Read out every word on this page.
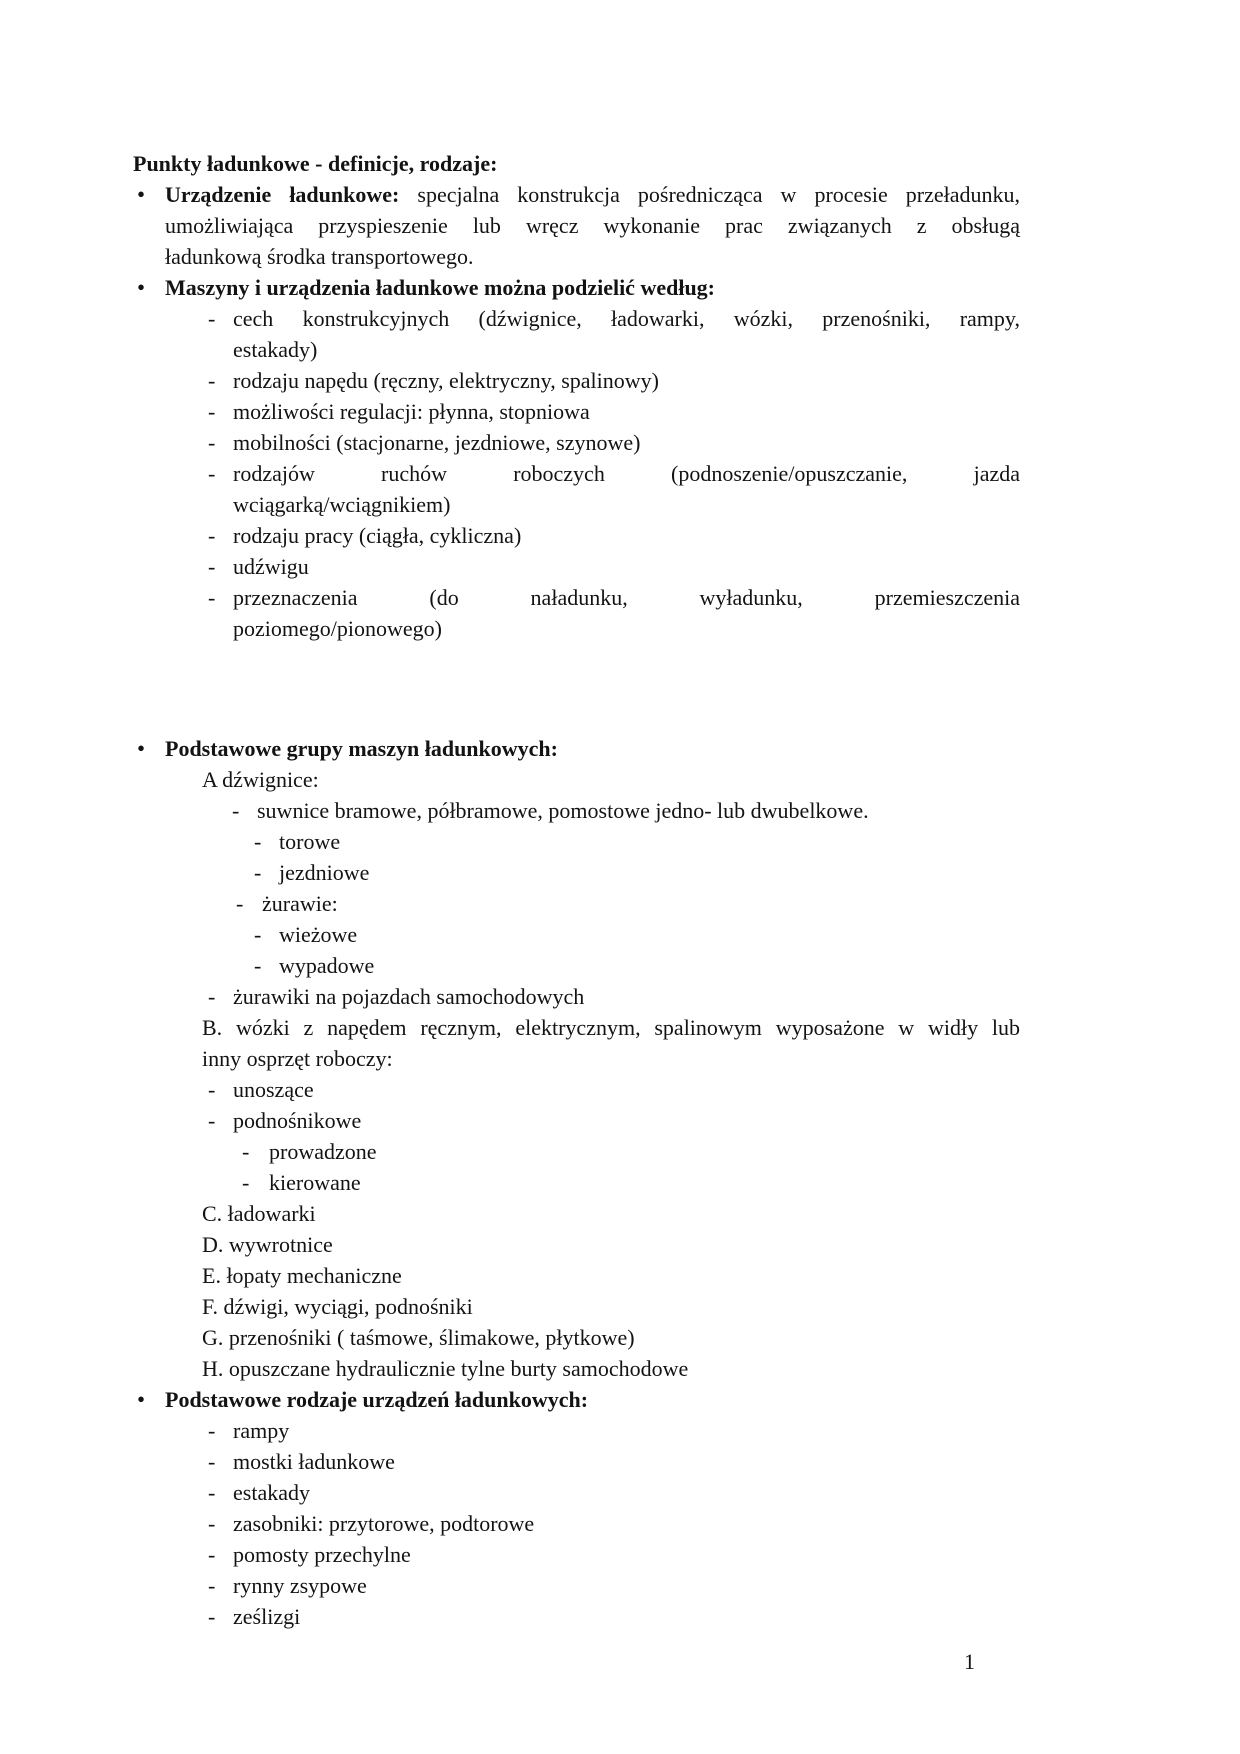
Punkty ładunkowe - definicje, rodzaje:
• Urządzenie ładunkowe: specjalna konstrukcja pośrednicząca w procesie przeładunku,
umożliwiająca przyspieszenie lub wręcz wykonanie prac związanych z obsługą
ładunkową środka transportowego.
• Maszyny i urządzenia ładunkowe można podzielić według:
- cech konstrukcyjnych (dźwignice, ładowarki, wózki, przenośniki, rampy,
estakady)
- rodzaju napędu (ręczny, elektryczny, spalinowy)
- możliwości regulacji: płynna, stopniowa
- mobilności (stacjonarne, jezdniowe, szynowe)
- rodzajów ruchów roboczych (podnoszenie/opuszczanie, jazda
wciągarką/wciągnikiem)
- rodzaju pracy (ciągła, cykliczna)
- udźwigu
- przeznaczenia (do naładunku, wyładunku, przemieszczenia
poziomego/pionowego)
• Podstawowe grupy maszyn ładunkowych:
A dźwignice:
- suwnice bramowe, półbramowe, pomostowe jedno- lub dwubelkowe.
- torowe
- jezdniowe
- żurawie:
- wieżowe
- wypadowe
- żurawiki na pojazdach samochodowych
B. wózki z napędem ręcznym, elektrycznym, spalinowym wyposażone w widły lub
inny osprzęt roboczy:
- unoszące
- podnośnikowe
- prowadzone
- kierowane
C. ładowarki
D. wywrotnice
E. łopaty mechaniczne
F. dźwigi, wyciągi, podnośniki
G. przenośniki ( taśmowe, ślimakowe, płytkowe)
H. opuszczane hydraulicznie tylne burty samochodowe
• Podstawowe rodzaje urządzeń ładunkowych:
- rampy
- mostki ładunkowe
- estakady
- zasobniki: przytorowe, podtorowe
- pomosty przechylne
- rynny zsypowe
- ześlizgi
1
